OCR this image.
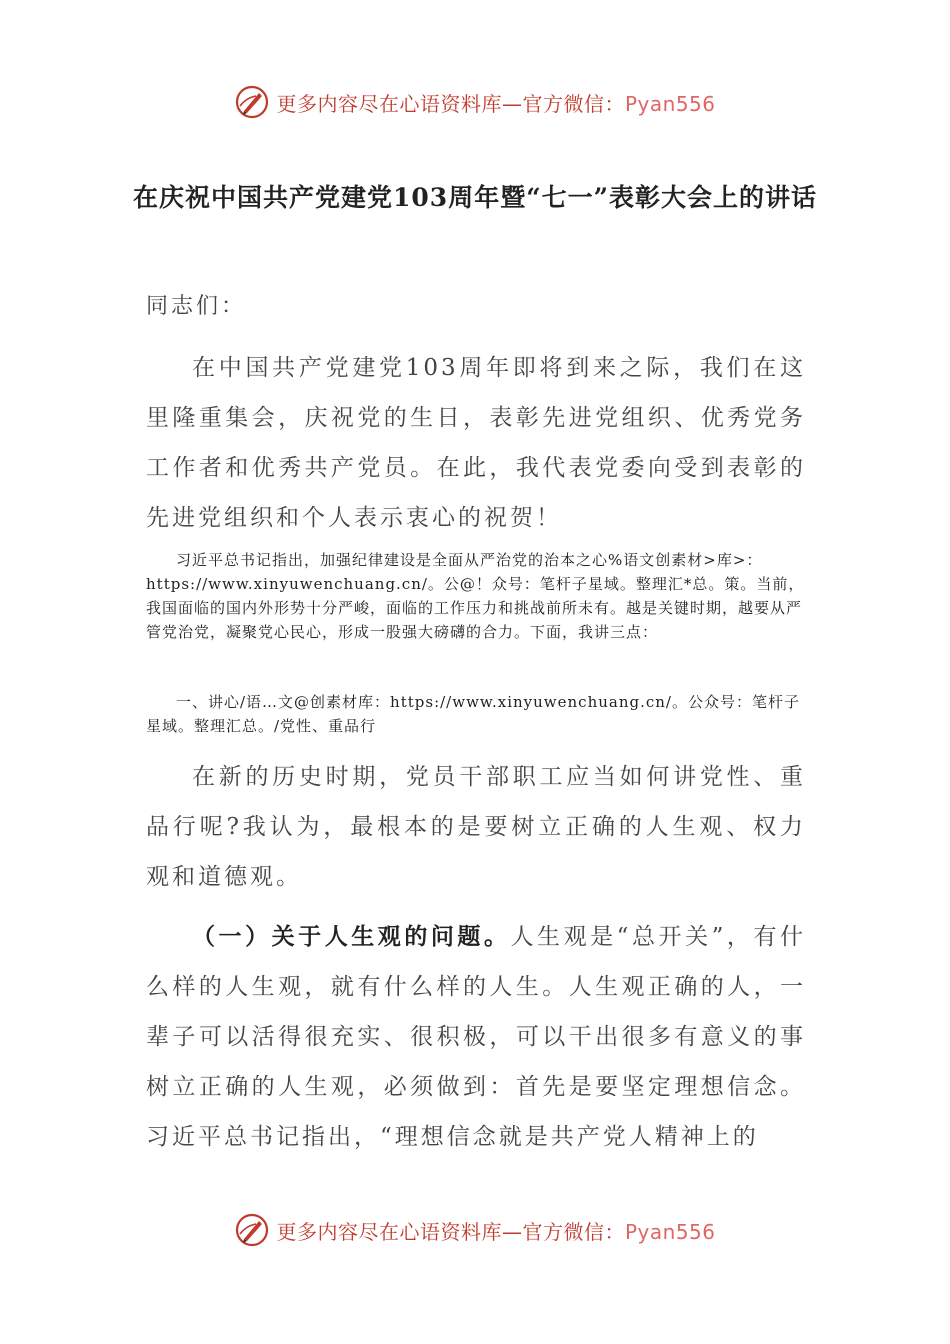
更多内容尽在心语资料库—官方微信：Pyan556
在庆祝中国共产党建党103周年暨“七一”表彰大会上的讲话
同志们：
在中国共产党建党103周年即将到来之际，我们在这里隆重集会，庆祝党的生日，表彰先进党组织、优秀党务工作者和优秀共产党员。在此，我代表党委向受到表彰的先进党组织和个人表示衷心的祝贺！
习近平总书记指出，加强纪律建设是全面从严治党的治本之心%语文创素材>库>：https://www.xinyuwenchuang.cn/。公@！众号：笔杆子星域。整理汇*总。策。当前，我国面临的国内外形势十分严峻，面临的工作压力和挑战前所未有。越是关键时期，越要从严管党治党，凝聚党心民心，形成一股强大磅礴的合力。下面，我讲三点：
一、讲心/语…文@创素材库：https://www.xinyuwenchuang.cn/。公众号：笔杆子星域。整理汇总。/党性、重品行
在新的历史时期，党员干部职工应当如何讲党性、重品行呢?我认为，最根本的是要树立正确的人生观、权力观和道德观。
（一）关于人生观的问题。人生观是“总开关”，有什么样的人生观，就有什么样的人生。人生观正确的人，一辈子可以活得很充实、很积极，可以干出很多有意义的事树立正确的人生观，必须做到：首先是要坚定理想信念。习近平总书记指出，“理想信念就是共产党人精神上的
更多内容尽在心语资料库—官方微信：Pyan556
